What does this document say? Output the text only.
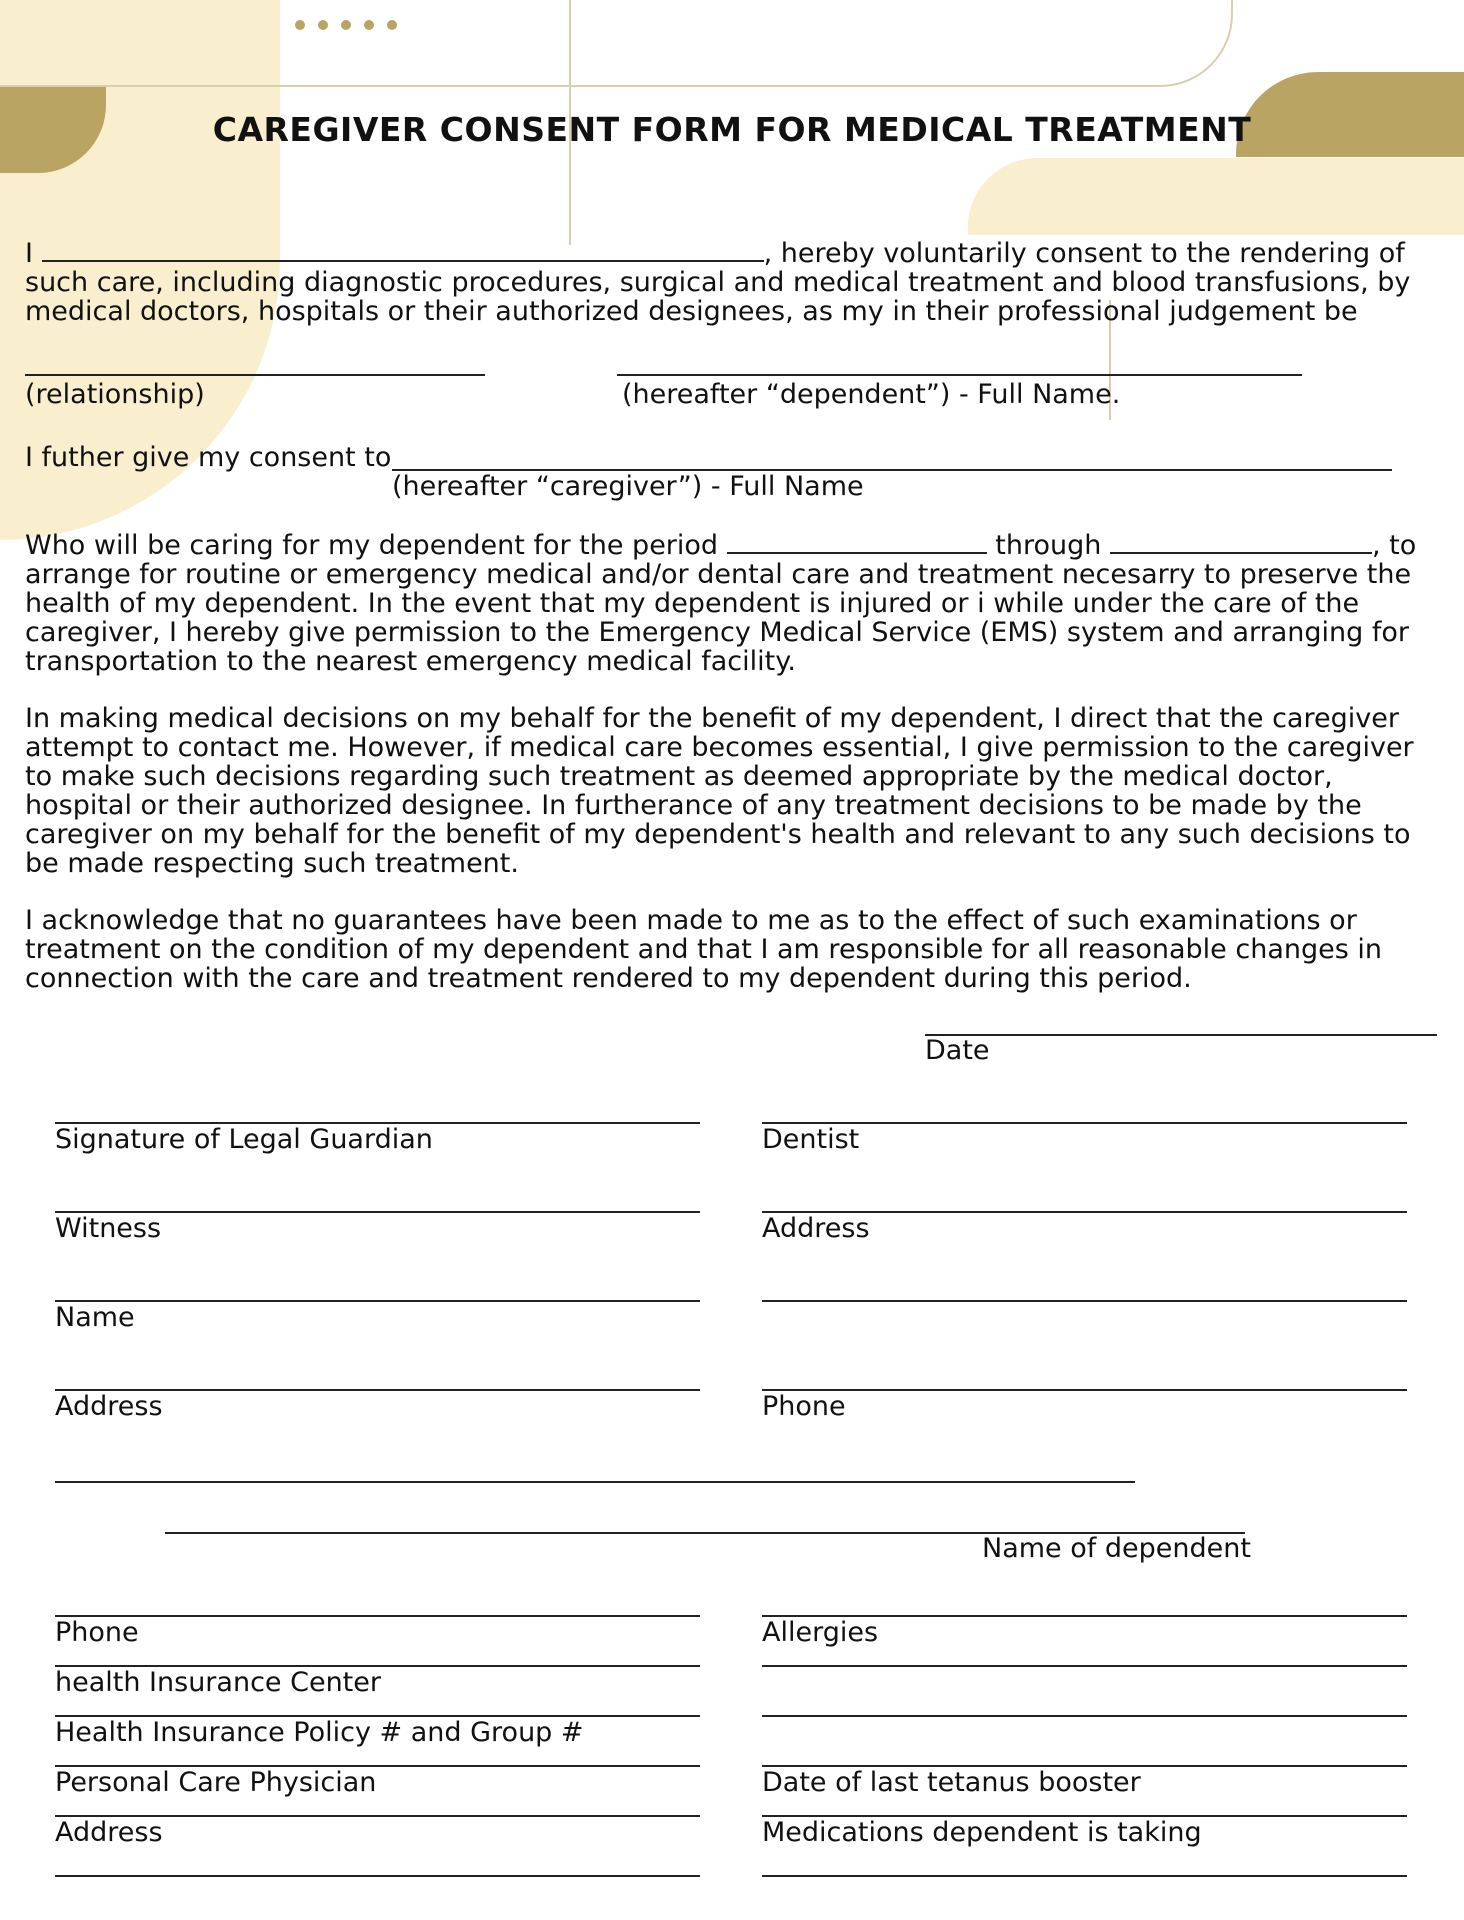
CAREGIVER CONSENT FORM FOR MEDICAL TREATMENT

I	, hereby voluntarily consent to the rendering of such care, including diagnostic procedures, surgical and medical treatment and blood transfusions, by medical doctors, hospitals or their authorized designees, as my in their professional judgement be

(relationship)	(hereafter “dependent”) - Full Name.
I futher give my consent to
(hereafter “caregiver”) - Full Name

Who will be caring for my dependent for the period	through	, to arrange for routine or emergency medical and/or dental care and treatment necesarry to preserve the health of my dependent. In the event that my dependent is injured or i while under the care of the caregiver, I hereby give permission to the Emergency Medical Service (EMS) system and arranging for transportation to the nearest emergency medical facility.

In making medical decisions on my behalf for the benefit of my dependent, I direct that the caregiver attempt to contact me. However, if medical care becomes essential, I give permission to the caregiver to make such decisions regarding such treatment as deemed appropriate by the medical doctor, hospital or their authorized designee. In furtherance of any treatment decisions to be made by the caregiver on my behalf for the benefit of my dependent's health and relevant to any such decisions to be made respecting such treatment.

I acknowledge that no guarantees have been made to me as to the effect of such examinations or treatment on the condition of my dependent and that I am responsible for all reasonable changes in connection with the care and treatment rendered to my dependent during this period.

Date
Signature of Legal Guardian	Dentist
Witness	Address
Name
Address	Phone
Name of dependent
Phone	Allergies
health Insurance Center
Health Insurance Policy # and Group #
Personal Care Physician	Date of last tetanus booster
Address	Medications dependent is taking
